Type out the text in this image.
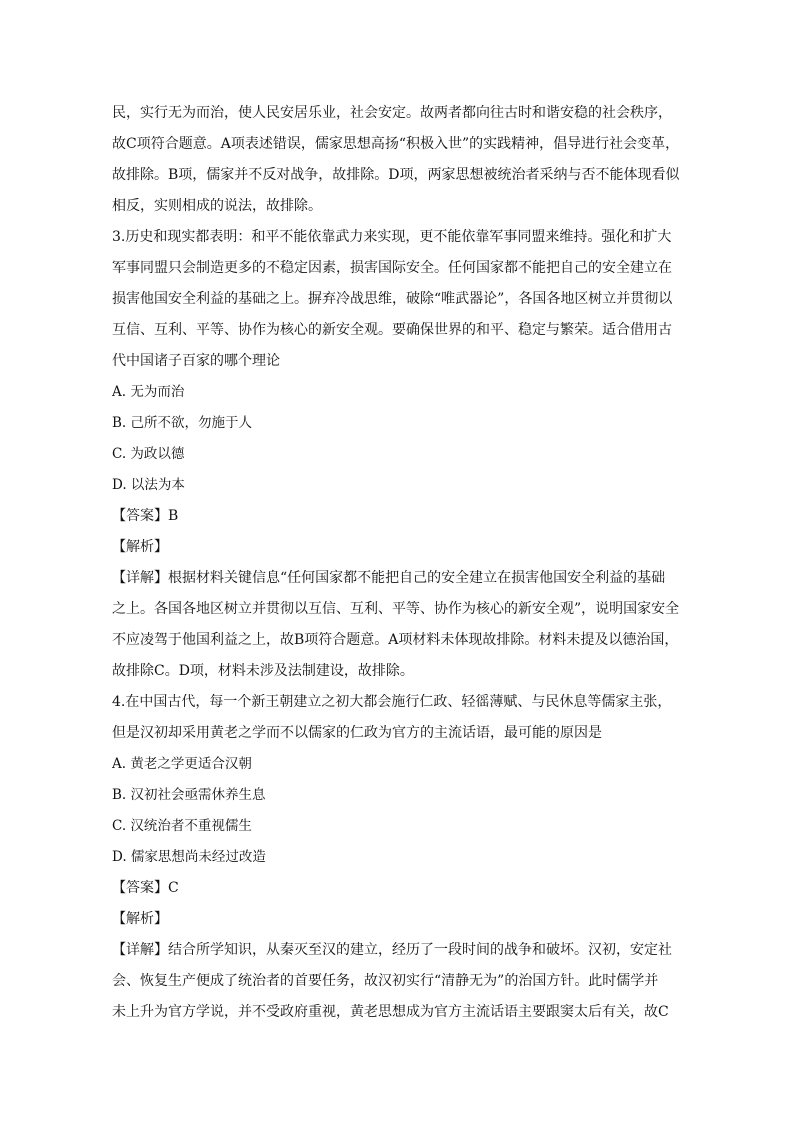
民，实行无为而治，使人民安居乐业，社会安定。故两者都向往古时和谐安稳的社会秩序，
故C项符合题意。A项表述错误，儒家思想高扬“积极入世”的实践精神，倡导进行社会变革，
故排除。B项，儒家并不反对战争，故排除。D项，两家思想被统治者采纳与否不能体现看似
相反，实则相成的说法，故排除。
3.历史和现实都表明：和平不能依靠武力来实现，更不能依靠军事同盟来维持。强化和扩大
军事同盟只会制造更多的不稳定因素，损害国际安全。任何国家都不能把自己的安全建立在
损害他国安全利益的基础之上。摒弃冷战思维，破除“唯武器论”，各国各地区树立并贯彻以
互信、互利、平等、协作为核心的新安全观。要确保世界的和平、稳定与繁荣。适合借用古
代中国诸子百家的哪个理论
A. 无为而治
B. 己所不欲，勿施于人
C. 为政以德
D. 以法为本
【答案】B
【解析】
【详解】根据材料关键信息“任何国家都不能把自己的安全建立在损害他国安全利益的基础
之上。各国各地区树立并贯彻以互信、互利、平等、协作为核心的新安全观”，说明国家安全
不应凌驾于他国利益之上，故B项符合题意。A项材料未体现故排除。材料未提及以德治国，
故排除C。D项，材料未涉及法制建设，故排除。
4.在中国古代，每一个新王朝建立之初大都会施行仁政、轻徭薄赋、与民休息等儒家主张，
但是汉初却采用黄老之学而不以儒家的仁政为官方的主流话语，最可能的原因是
A. 黄老之学更适合汉朝
B. 汉初社会亟需休养生息
C. 汉统治者不重视儒生
D. 儒家思想尚未经过改造
【答案】C
【解析】
【详解】结合所学知识，从秦灭至汉的建立，经历了一段时间的战争和破坏。汉初，安定社
会、恢复生产便成了统治者的首要任务，故汉初实行“清静无为”的治国方针。此时儒学并
未上升为官方学说，并不受政府重视，黄老思想成为官方主流话语主要跟窦太后有关，故C
